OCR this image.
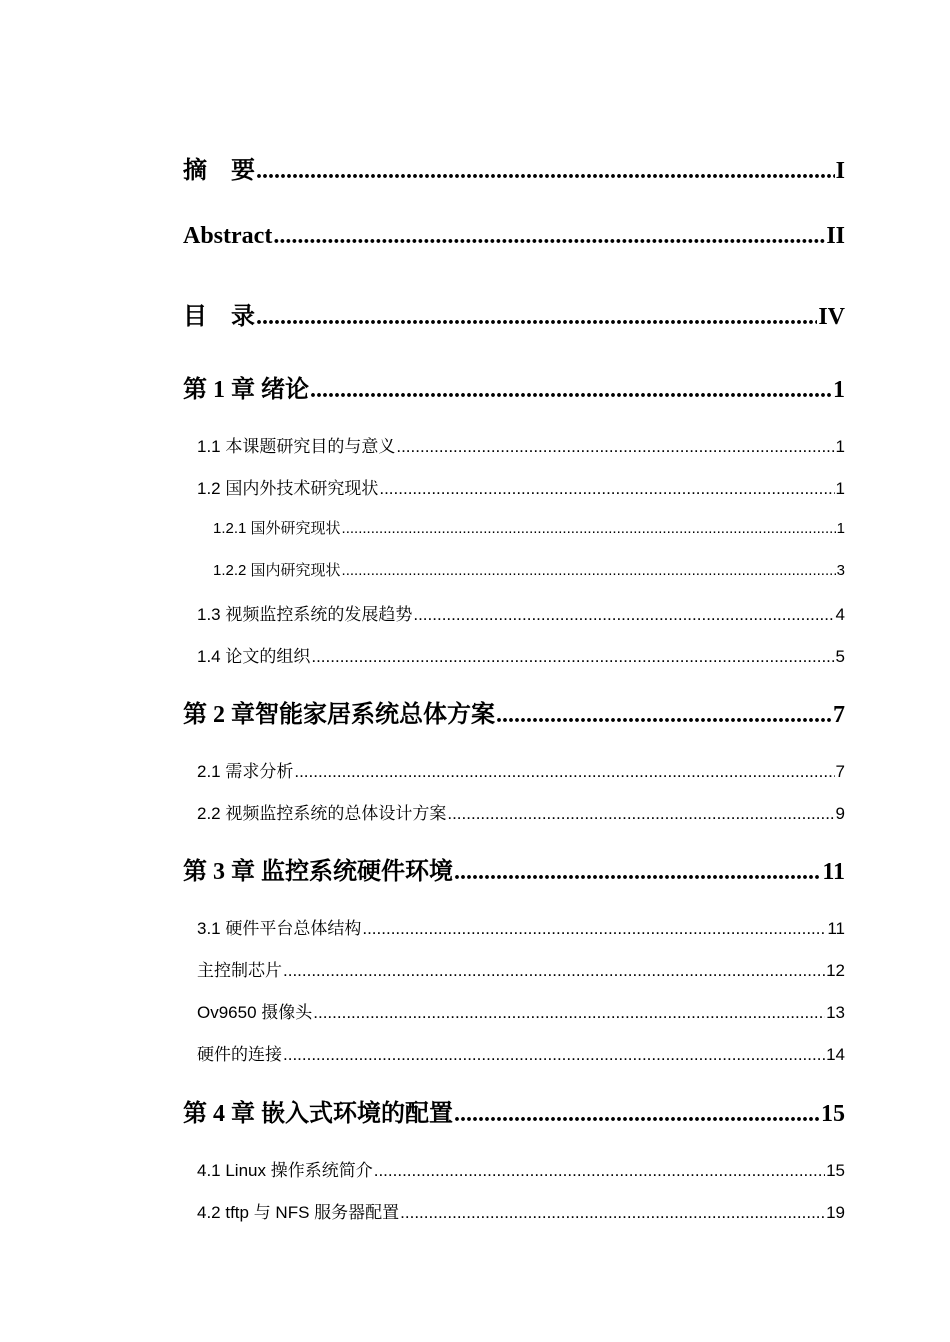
摘　要 .....	I
Abstract .....	II
目　录 .....	IV
第 1 章 绪论 .....	1
1.1 本课题研究目的与意义 .....	1
1.2 国内外技术研究现状 .....	1
1.2.1 国外研究现状 .....	1
1.2.2 国内研究现状 .....	3
1.3 视频监控系统的发展趋势 .....	4
1.4 论文的组织 .....	5
第 2 章智能家居系统总体方案 .....	7
2.1 需求分析 .....	7
2.2 视频监控系统的总体设计方案 .....	9
第 3 章 监控系统硬件环境 .....	11
3.1 硬件平台总体结构 .....	11
主控制芯片 .....	12
Ov9650 摄像头 .....	13
硬件的连接 .....	14
第 4 章 嵌入式环境的配置 .....	15
4.1 Linux 操作系统简介 .....	15
4.2 tftp 与 NFS 服务器配置 .....	19
